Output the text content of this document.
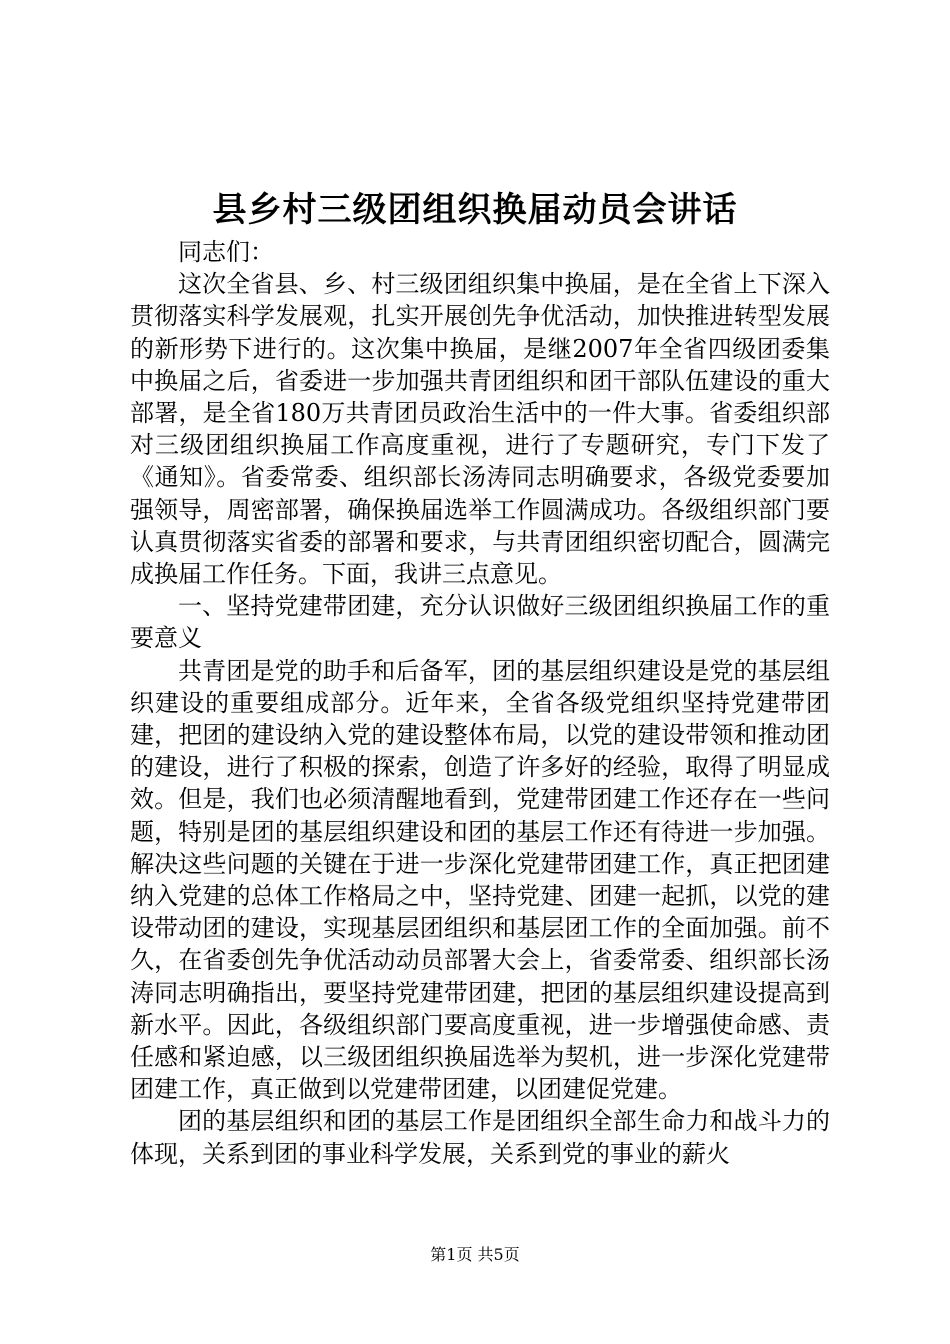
县乡村三级团组织换届动员会讲话

同志们：

这次全省县、乡、村三级团组织集中换届，是在全省上下深入贯彻落实科学发展观，扎实开展创先争优活动，加快推进转型发展的新形势下进行的。这次集中换届，是继2007年全省四级团委集中换届之后，省委进一步加强共青团组织和团干部队伍建设的重大部署，是全省180万共青团员政治生活中的一件大事。省委组织部对三级团组织换届工作高度重视，进行了专题研究，专门下发了《通知》。省委常委、组织部长汤涛同志明确要求，各级党委要加强领导，周密部署，确保换届选举工作圆满成功。各级组织部门要认真贯彻落实省委的部署和要求，与共青团组织密切配合，圆满完成换届工作任务。下面，我讲三点意见。

一、坚持党建带团建，充分认识做好三级团组织换届工作的重要意义

共青团是党的助手和后备军，团的基层组织建设是党的基层组织建设的重要组成部分。近年来，全省各级党组织坚持党建带团建，把团的建设纳入党的建设整体布局，以党的建设带领和推动团的建设，进行了积极的探索，创造了许多好的经验，取得了明显成效。但是，我们也必须清醒地看到，党建带团建工作还存在一些问题，特别是团的基层组织建设和团的基层工作还有待进一步加强。解决这些问题的关键在于进一步深化党建带团建工作，真正把团建纳入党建的总体工作格局之中，坚持党建、团建一起抓，以党的建设带动团的建设，实现基层团组织和基层团工作的全面加强。前不久，在省委创先争优活动动员部署大会上，省委常委、组织部长汤涛同志明确指出，要坚持党建带团建，把团的基层组织建设提高到新水平。因此，各级组织部门要高度重视，进一步增强使命感、责任感和紧迫感，以三级团组织换届选举为契机，进一步深化党建带团建工作，真正做到以党建带团建，以团建促党建。

团的基层组织和团的基层工作是团组织全部生命力和战斗力的体现，关系到团的事业科学发展，关系到党的事业的薪火

第1页 共5页
